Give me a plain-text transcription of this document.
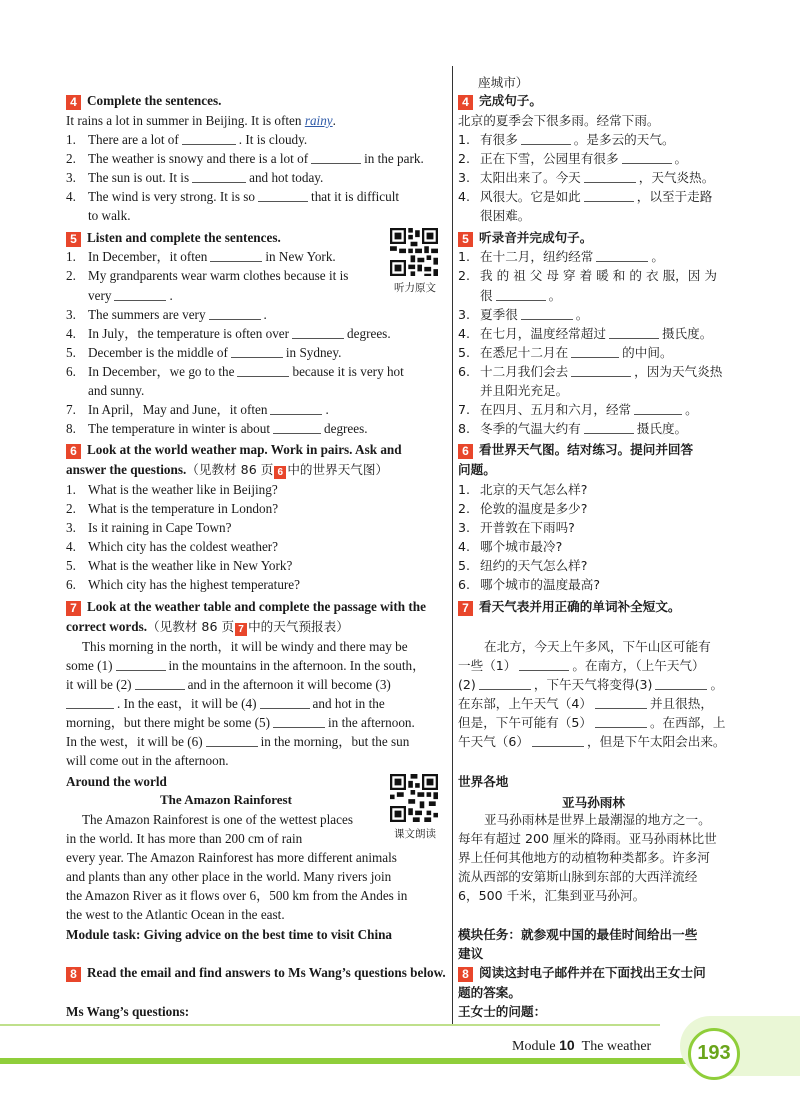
4 Complete the sentences.
It rains a lot in summer in Beijing. It is often rainy.
1. There are a lot of	. It is cloudy.
2. The weather is snowy and there is a lot of	in the park.
3. The sun is out. It is	and hot today.
4. The wind is very strong. It is so	that it is difficult
to walk.
5 Listen and complete the sentences.
听力原文
1. In December，it often	in New York.
2. My grandparents wear warm clothes because it is
very	.
3. The summers are very	.
4. In July，the temperature is often over	degrees.
5. December is the middle of	in Sydney.
6. In December，we go to the	because it is very hot
and sunny.
7. In April，May and June，it often	.
8. The temperature in winter is about	degrees.
6 Look at the world weather map. Work in pairs. Ask and
answer the questions.（见教材 86 页 6 中的世界天气图）
1. What is the weather like in Beijing?
2. What is the temperature in London?
3. Is it raining in Cape Town?
4. Which city has the coldest weather?
5. What is the weather like in New York?
6. Which city has the highest temperature?
7 Look at the weather table and complete the passage with the
correct words.（见教材 86 页 7 中的天气预报表）
This morning in the north，it will be windy and there may be
some (1)	in the mountains in the afternoon. In the south，
it will be (2)	and in the afternoon it will become (3)
. In the east，it will be (4)	and hot in the
morning，but there might be some (5)	in the afternoon.
In the west，it will be (6)	in the morning，but the sun
will come out in the afternoon.
Around the world
The Amazon Rainforest
课文朗读
The Amazon Rainforest is one of the wettest places
in the world. It has more than 200 cm of rain
every year. The Amazon Rainforest has more different animals
and plants than any other place in the world. Many rivers join
the Amazon River as it flows over 6，500 km from the Andes in
the west to the Atlantic Ocean in the east.
Module task: Giving advice on the best time to visit China
8 Read the email and find answers to Ms Wang’s questions below.
Ms Wang’s questions:
座城市）
4 完成句子。
北京的夏季会下很多雨。经常下雨。
1. 有很多	。是多云的天气。
2. 正在下雪，公园里有很多	。
3. 太阳出来了。今天	，天气炎热。
4. 风很大。它是如此	，以至于走路
很困难。
5 听录音并完成句子。
1. 在十二月，纽约经常	。
2. 我 的 祖 父 母 穿 着 暖 和 的 衣 服，因 为
很	。
3. 夏季很	。
4. 在七月，温度经常超过	摄氏度。
5. 在悉尼十二月在	的中间。
6. 十二月我们会去	，因为天气炎热
并且阳光充足。
7. 在四月、五月和六月，经常	。
8. 冬季的气温大约有	摄氏度。
6 看世界天气图。结对练习。提问并回答
问题。
1. 北京的天气怎么样?
2. 伦敦的温度是多少?
3. 开普敦在下雨吗?
4. 哪个城市最冷?
5. 纽约的天气怎么样?
6. 哪个城市的温度最高?
7 看天气表并用正确的单词补全短文。
在北方，今天上午多风，下午山区可能有
一些（1）	。在南方，（上午天气）
(2)	，下午天气将变得(3)	。
在东部，上午天气（4）	并且很热，
但是，下午可能有（5）	。在西部，上
午天气（6）	，但是下午太阳会出来。
世界各地
亚马孙雨林
亚马孙雨林是世界上最潮湿的地方之一。
每年有超过 200 厘米的降雨。亚马孙雨林比世
界上任何其他地方的动植物种类都多。许多河
流从西部的安第斯山脉到东部的大西洋流经
6，500 千米，汇集到亚马孙河。
模块任务：就参观中国的最佳时间给出一些
建议
8 阅读这封电子邮件并在下面找出王女士问
题的答案。
王女士的问题：
Module 10 The weather	193
